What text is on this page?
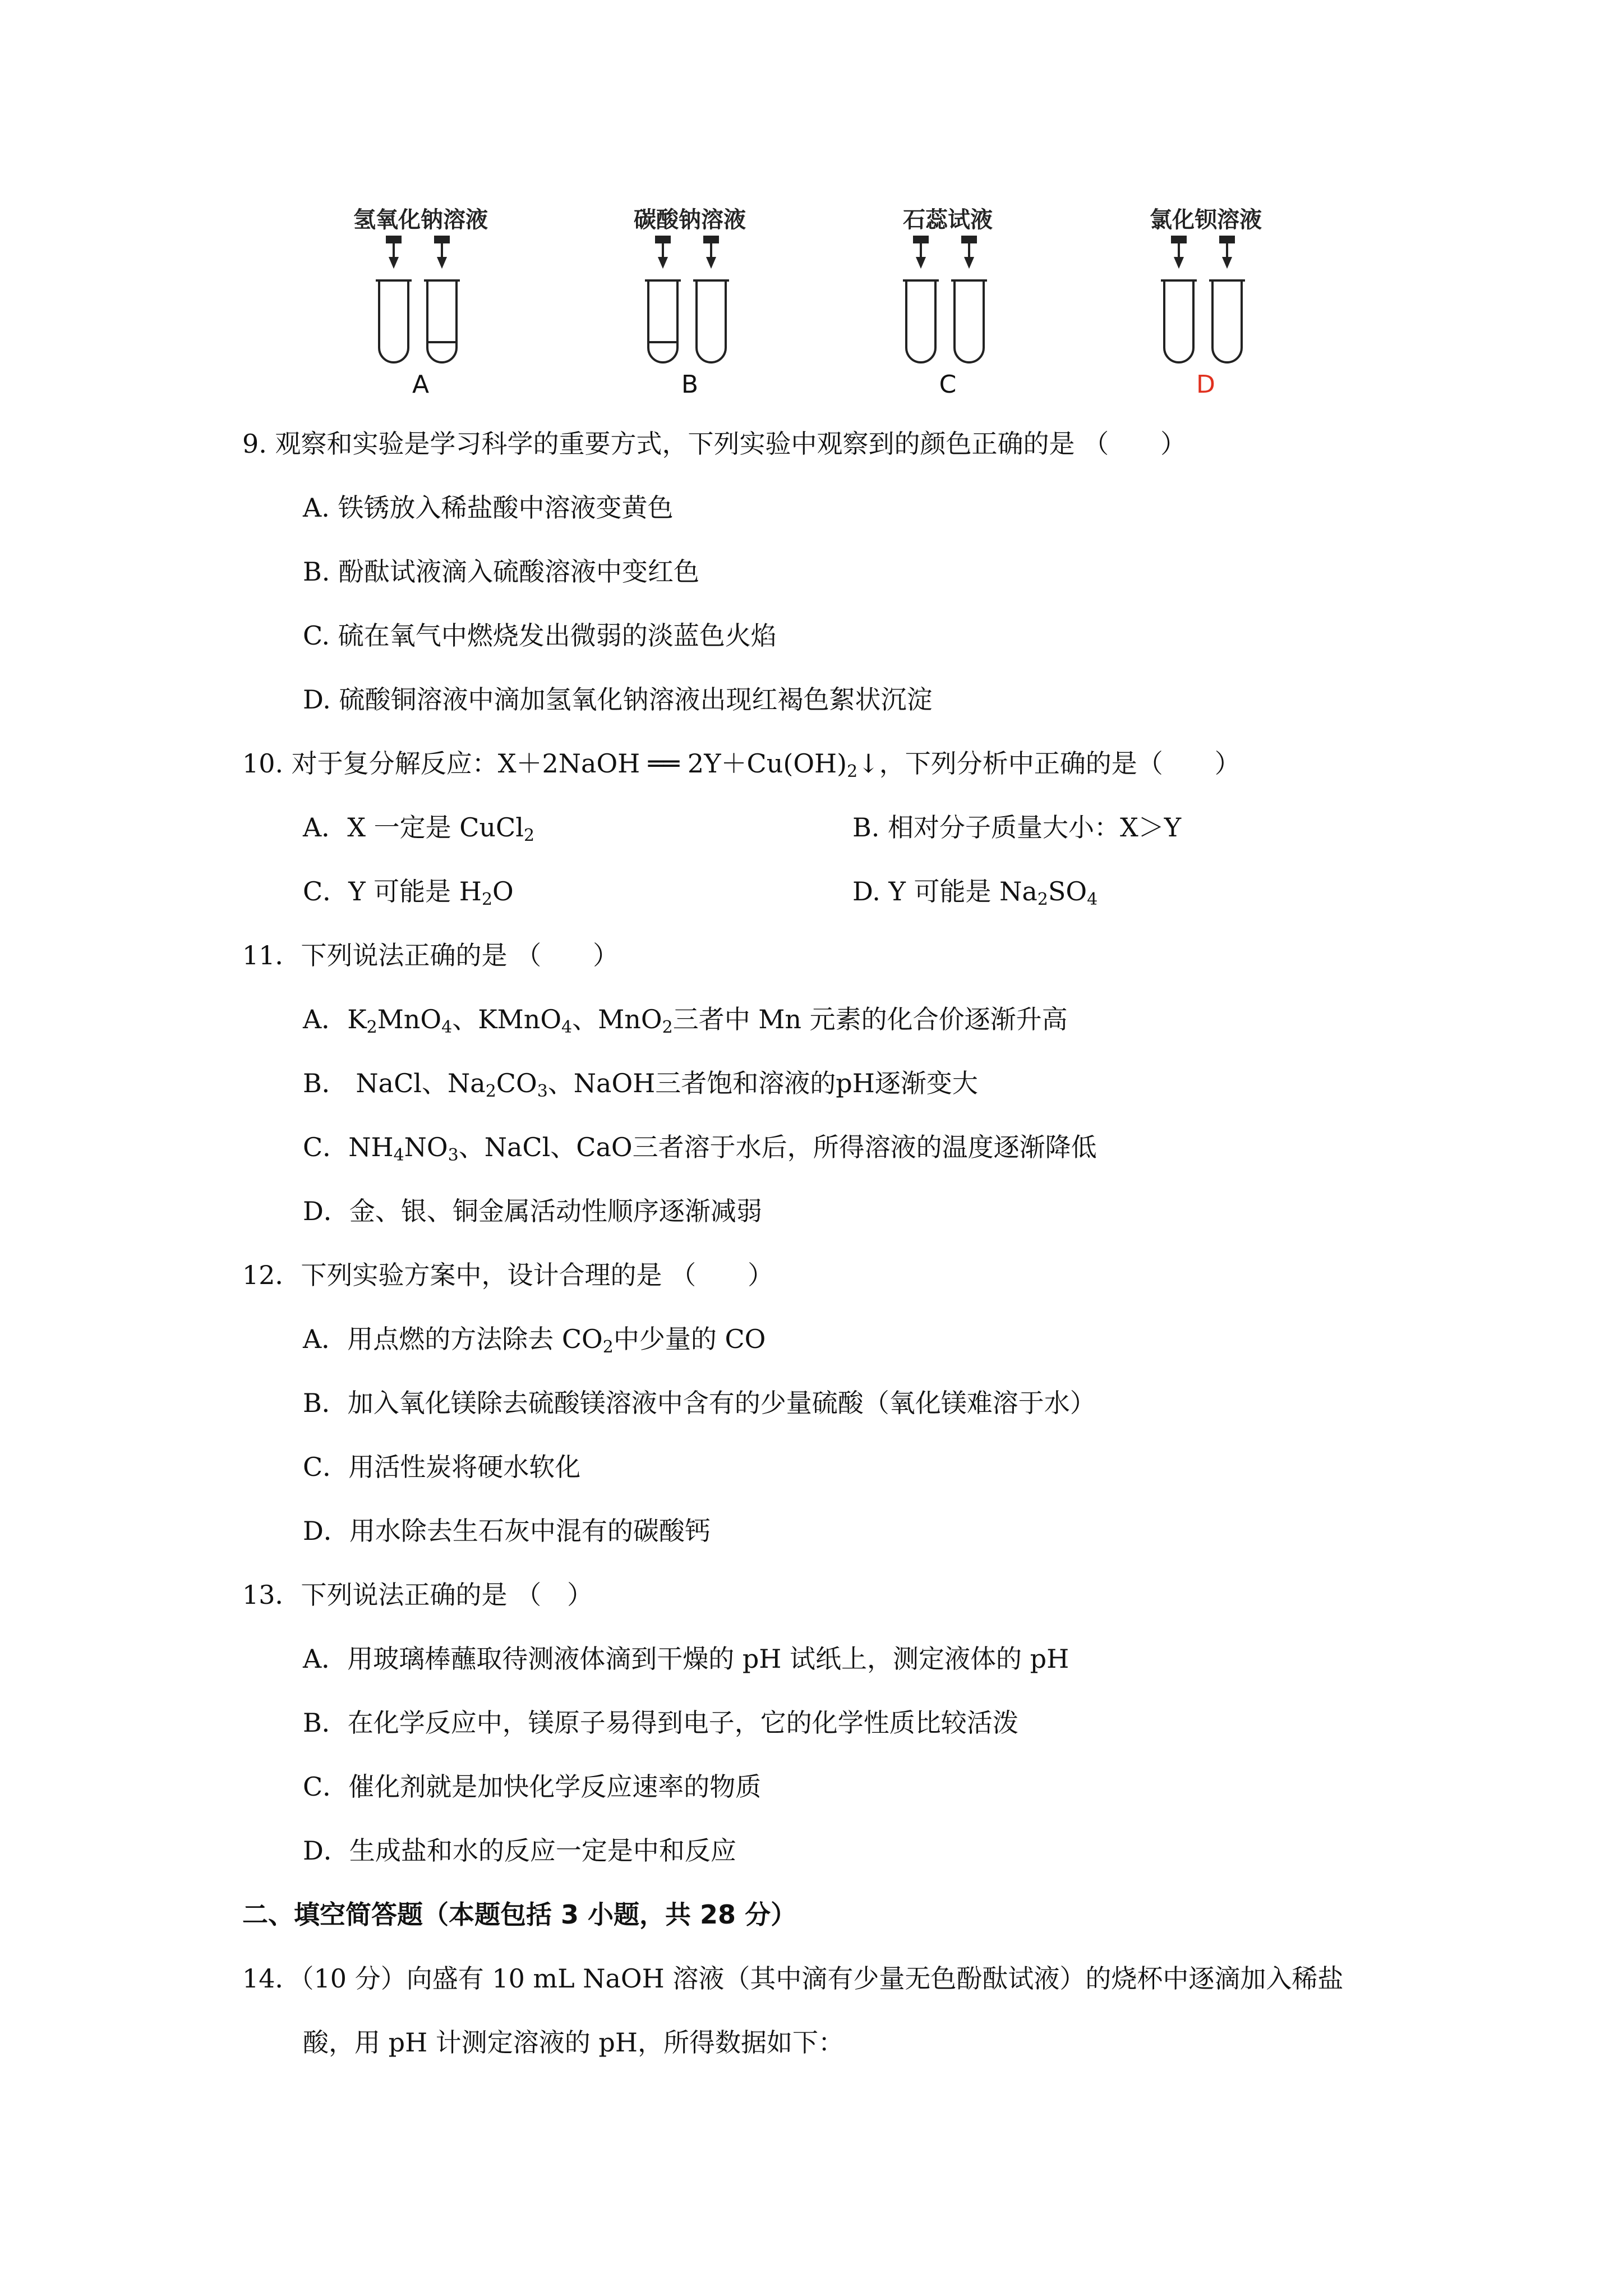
氢氧化钠溶液
A
碳酸钠溶液
B
石蕊试液
C
氯化钡溶液
D
9. 观察和实验是学习科学的重要方式，下列实验中观察到的颜色正确的是 （　　）
A. 铁锈放入稀盐酸中溶液变黄色
B. 酚酞试液滴入硫酸溶液中变红色
C. 硫在氧气中燃烧发出微弱的淡蓝色火焰
D. 硫酸铜溶液中滴加氢氧化钠溶液出现红褐色絮状沉淀
10. 对于复分解反应：X＋2NaOH ══ $2Y+Cu(OH)_2↓$，下列分析中正确的是（　　）
A．X 一定是 CuCl$_2$	B. 相对分子质量大小：X＞Y
C．Y 可能是 $H_2O$	D. Y 可能是 $Na_2SO_4$
11．下列说法正确的是 （　　）
A．$K_2MnO_4$、KMnO$_4$、MnO$_2$三者中 Mn 元素的化合价逐渐升高
B． NaCl、$Na_2CO_3$、NaOH三者饱和溶液的pH逐渐变大
C．$NH_4NO_3$、NaCl、CaO三者溶于水后，所得溶液的温度逐渐降低
D．金、银、铜金属活动性顺序逐渐减弱
12．下列实验方案中，设计合理的是 （　　）
A．用点燃的方法除去 $CO_2$中少量的 CO
B．加入氧化镁除去硫酸镁溶液中含有的少量硫酸（氧化镁难溶于水）
C．用活性炭将硬水软化
D．用水除去生石灰中混有的碳酸钙
13．下列说法正确的是 （　）
A．用玻璃棒蘸取待测液体滴到干燥的 pH 试纸上，测定液体的 pH
B．在化学反应中，镁原子易得到电子，它的化学性质比较活泼
C．催化剂就是加快化学反应速率的物质
D．生成盐和水的反应一定是中和反应
二、填空简答题（本题包括 3 小题，共 28 分）
14．（10 分）向盛有 10 mL NaOH 溶液（其中滴有少量无色酚酞试液）的烧杯中逐滴加入稀盐
酸，用 pH 计测定溶液的 pH，所得数据如下：
